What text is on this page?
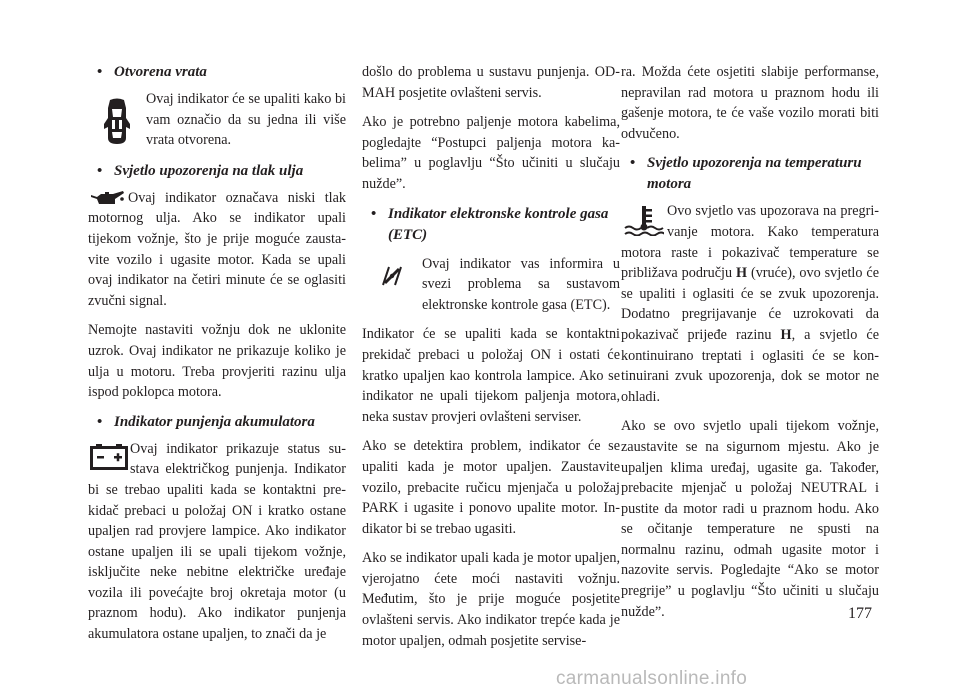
• Otvorena vrata

Ovaj indikator će se upaliti kako bi vam označio da su jedna ili više vrata otvorena.

• Svjetlo upozorenja na tlak ulja

Ovaj indikator označava niski tlak motornog ulja. Ako se indikator upali tijekom vožnje, što je prije moguće zaustavite vozilo i ugasite motor. Kada se upali ovaj indikator na četiri minute će se oglasiti zvučni signal.

Nemojte nastaviti vožnju dok ne uklonite uzrok. Ovaj indikator ne prikazuje koliko je ulja u motoru. Treba provjeriti razinu ulja ispod poklopca motora.

• Indikator punjenja akumulatora

Ovaj indikator prikazuje status sustava električkog punjenja. Indikator bi se trebao upaliti kada se kontaktni prekidač prebaci u položaj ON i kratko ostane upaljen rad provjere lampice. Ako indikator ostane upaljen ili se upali tijekom vožnje, isključite neke nebitne električke uređaje vozila ili povećajte broj okretaja motor (u praznom hodu). Ako indikator punjenja akumulatora ostane upaljen, to znači da je

došlo do problema u sustavu punjenja. ODMAH posjetite ovlašteni servis.

Ako je potrebno paljenje motora kabelima, pogledajte “Postupci paljenja motora kabelima” u poglavlju “Što učiniti u slučaju nužde”.

• Indikator elektronske kontrole gasa (ETC)

Ovaj indikator vas informira u svezi problema sa sustavom elektronske kontrole gasa (ETC).

Indikator će se upaliti kada se kontaktni prekidač prebaci u položaj ON i ostati će kratko upaljen kao kontrola lampice. Ako se indikator ne upali tijekom paljenja motora, neka sustav provjeri ovlašteni serviser.

Ako se detektira problem, indikator će se upaliti kada je motor upaljen. Zaustavite vozilo, prebacite ručicu mjenjača u položaj PARK i ugasite i ponovo upalite motor. Indikator bi se trebao ugasiti.

Ako se indikator upali kada je motor upaljen, vjerojatno ćete moći nastaviti vožnju. Međutim, što je prije moguće posjetite ovlašteni servis. Ako indikator trepće kada je motor upaljen, odmah posjetite servise-

ra. Možda ćete osjetiti slabije performanse, nepravilan rad motora u praznom hodu ili gašenje motora, te će vaše vozilo morati biti odvučeno.

• Svjetlo upozorenja na temperaturu motora

Ovo svjetlo vas upozorava na pregrivanje motora. Kako temperatura motora raste i pokazivač temperature se približava području H (vruće), ovo svjetlo će se upaliti i oglasiti će se zvuk upozorenja. Dodatno pregrijavanje će uzrokovati da pokazivač prijeđe razinu H, a svjetlo će kontinuirano treptati i oglasiti će se kontinuirani zvuk upozorenja, dok se motor ne ohladi.

Ako se ovo svjetlo upali tijekom vožnje, zaustavite se na sigurnom mjestu. Ako je upaljen klima uređaj, ugasite ga. Također, prebacite mjenjač u položaj NEUTRAL i pustite da motor radi u praznom hodu. Ako se očitanje temperature ne spusti na normalnu razinu, odmah ugasite motor i nazovite servis. Pogledajte “Ako se motor pregrije” u poglavlju “Što učiniti u slučaju nužde”.	177
carmanualsonline.info
